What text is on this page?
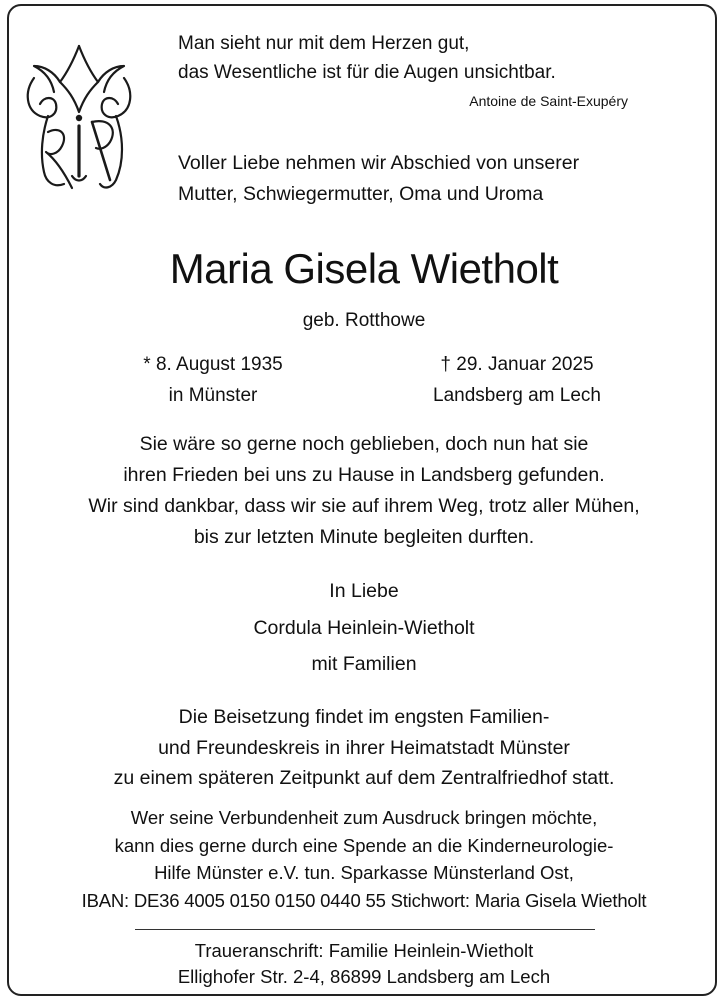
Man sieht nur mit dem Herzen gut,
das Wesentliche ist für die Augen unsichtbar.
Antoine de Saint-Exupéry
Voller Liebe nehmen wir Abschied von unserer
Mutter, Schwiegermutter, Oma und Uroma
Maria Gisela Wietholt
geb. Rotthowe
* 8. August 1935
in Münster
† 29. Januar 2025
Landsberg am Lech
Sie wäre so gerne noch geblieben, doch nun hat sie
ihren Frieden bei uns zu Hause in Landsberg gefunden.
Wir sind dankbar, dass wir sie auf ihrem Weg, trotz aller Mühen,
bis zur letzten Minute begleiten durften.
In Liebe
Cordula Heinlein-Wietholt
mit Familien
Die Beisetzung findet im engsten Familien-
und Freundeskreis in ihrer Heimatstadt Münster
zu einem späteren Zeitpunkt auf dem Zentralfriedhof statt.
Wer seine Verbundenheit zum Ausdruck bringen möchte,
kann dies gerne durch eine Spende an die Kinderneurologie-
Hilfe Münster e.V. tun. Sparkasse Münsterland Ost,
IBAN: DE36 4005 0150 0150 0440 55 Stichwort: Maria Gisela Wietholt
Traueranschrift: Familie Heinlein-Wietholt
Ellighofer Str. 2-4, 86899 Landsberg am Lech
